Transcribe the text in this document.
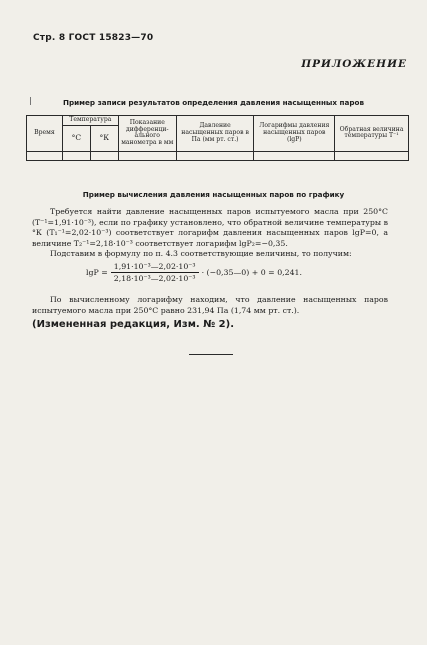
Стр. 8 ГОСТ 15823—70
ПРИЛОЖЕНИЕ
Пример записи результатов определения давления насыщенных паров
Время	Температура		Показание дифференци-ального манометра в мм	Давление насыщенных паров в Па (мм рт. ст.)	Логарифмы давления насыщенных паров (lgP)	Обратная величина температуры T⁻¹
	°С	°К				

Пример вычисления давления насыщенных паров по графику
Требуется найти давление насыщенных паров испытуемого масла при 250°С (T⁻¹=1,91·10⁻³), если по графику установлено, что обратной величине температуры в °К (T₁⁻¹=2,02·10⁻³) соответствует логарифм давления насыщенных паров lgP=0, а величине T₂⁻¹=2,18·10⁻³ соответствует логарифм lgP₂=−0,35.
Подставим в формулу по п. 4.3 соответствующие величины, то получим:
$\lg P = \frac{\text{1,91·10⁻³—2,02·10⁻³}}{\text{2,18·10⁻³—2,02·10⁻³}}$ · (−0,35—0) + 0 = 0,241.
По вычисленному логарифму находим, что давление насыщенных паров испытуемого масла при 250°С равно 231,94 Па (1,74 мм рт. ст.).
(Измененная редакция, Изм. № 2).
